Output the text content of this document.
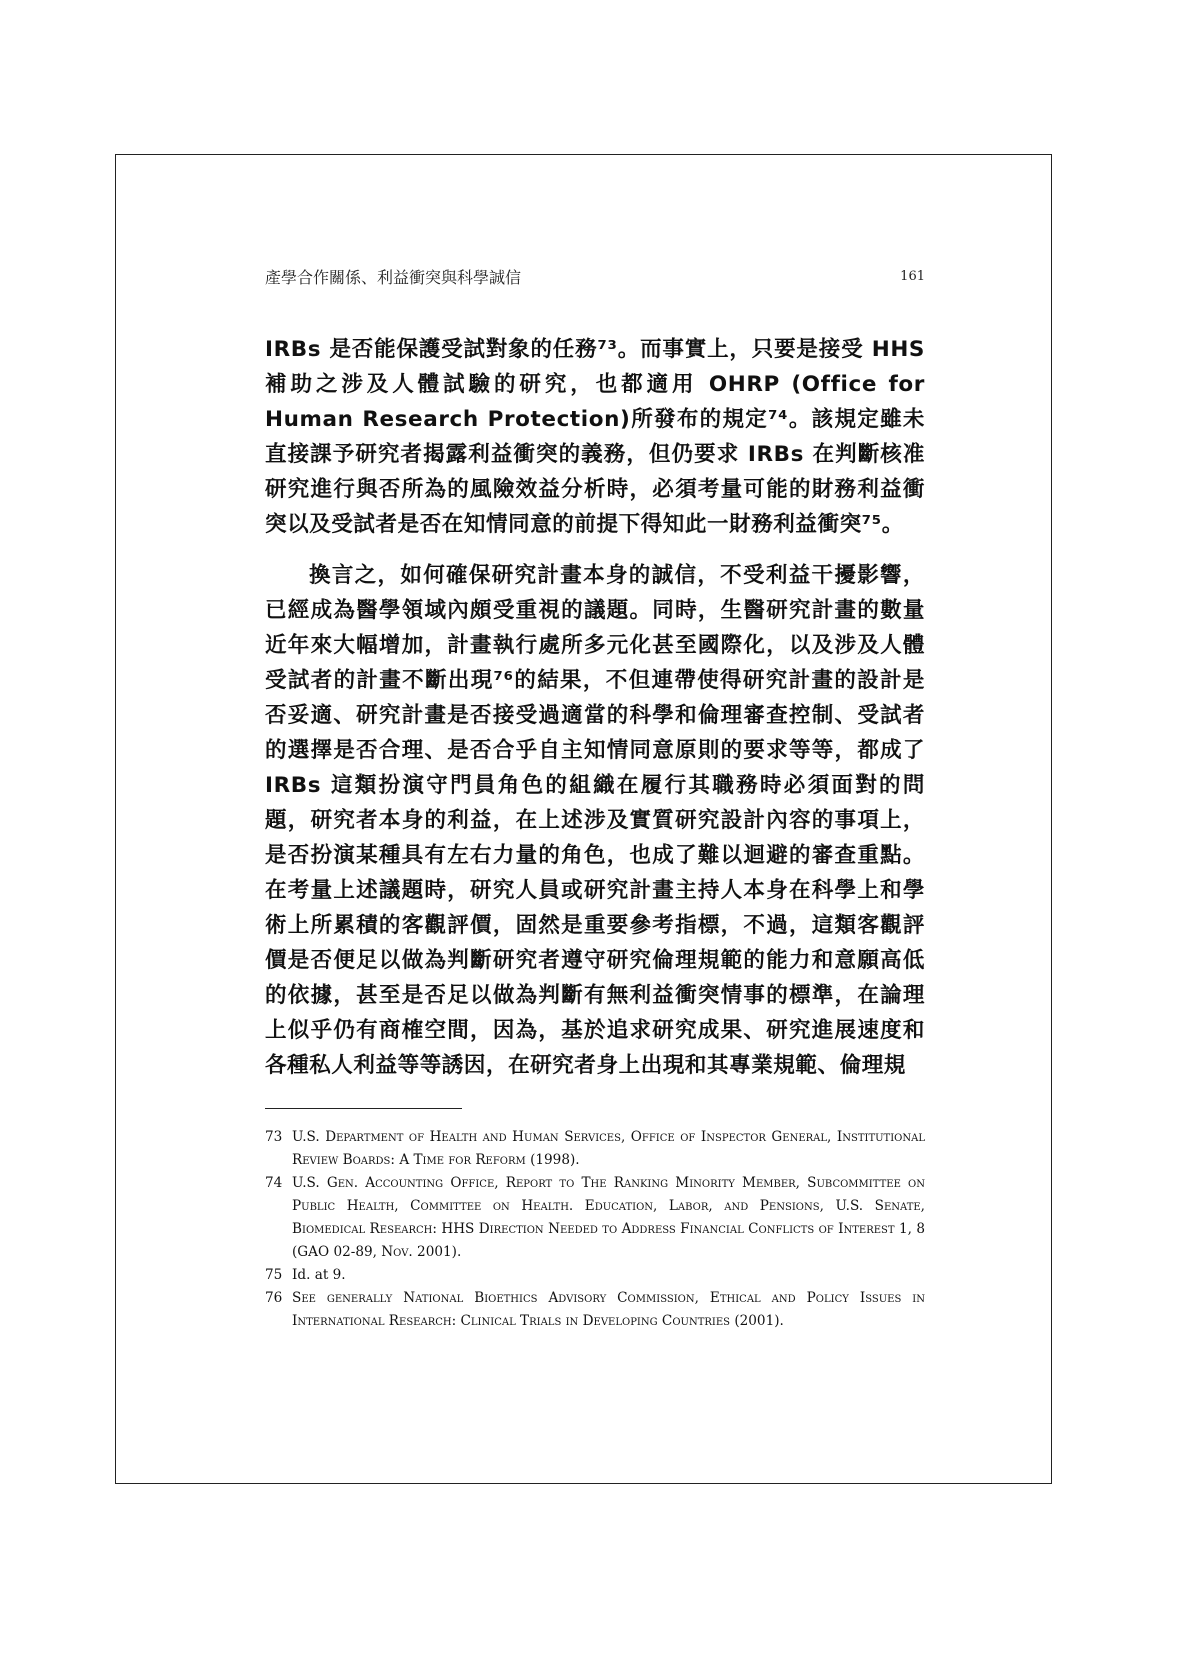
產學合作關係、利益衝突與科學誠信	161

IRBs 是否能保護受試對象的任務⁷³。而事實上，只要是接受 HHS 補助之涉及人體試驗的研究，也都適用 OHRP (Office for Human Research Protection)所發布的規定⁷⁴。該規定雖未直接課予研究者揭露利益衝突的義務，但仍要求 IRBs 在判斷核准研究進行與否所為的風險效益分析時，必須考量可能的財務利益衝突以及受試者是否在知情同意的前提下得知此一財務利益衝突⁷⁵。

換言之，如何確保研究計畫本身的誠信，不受利益干擾影響，已經成為醫學領域內頗受重視的議題。同時，生醫研究計畫的數量近年來大幅增加，計畫執行處所多元化甚至國際化，以及涉及人體受試者的計畫不斷出現⁷⁶的結果，不但連帶使得研究計畫的設計是否妥適、研究計畫是否接受過適當的科學和倫理審查控制、受試者的選擇是否合理、是否合乎自主知情同意原則的要求等等，都成了 IRBs 這類扮演守門員角色的組織在履行其職務時必須面對的問題，研究者本身的利益，在上述涉及實質研究設計內容的事項上，是否扮演某種具有左右力量的角色，也成了難以迴避的審查重點。在考量上述議題時，研究人員或研究計畫主持人本身在科學上和學術上所累積的客觀評價，固然是重要參考指標，不過，這類客觀評價是否便足以做為判斷研究者遵守研究倫理規範的能力和意願高低的依據，甚至是否足以做為判斷有無利益衝突情事的標準，在論理上似乎仍有商榷空間，因為，基於追求研究成果、研究進展速度和各種私人利益等等誘因，在研究者身上出現和其專業規範、倫理規

73 U.S. Department of Health and Human Services, Office of Inspector General, Institutional Review Boards: A Time for Reform (1998).
74 U.S. Gen. Accounting Office, Report to The Ranking Minority Member, Subcommittee on Public Health, Committee on Health. Education, Labor, and Pensions, U.S. Senate, Biomedical Research: HHS Direction Needed to Address Financial Conflicts of Interest 1, 8 (GAO 02-89, Nov. 2001).
75 Id. at 9.
76 See generally National Bioethics Advisory Commission, Ethical and Policy Issues in International Research: Clinical Trials in Developing Countries (2001).
